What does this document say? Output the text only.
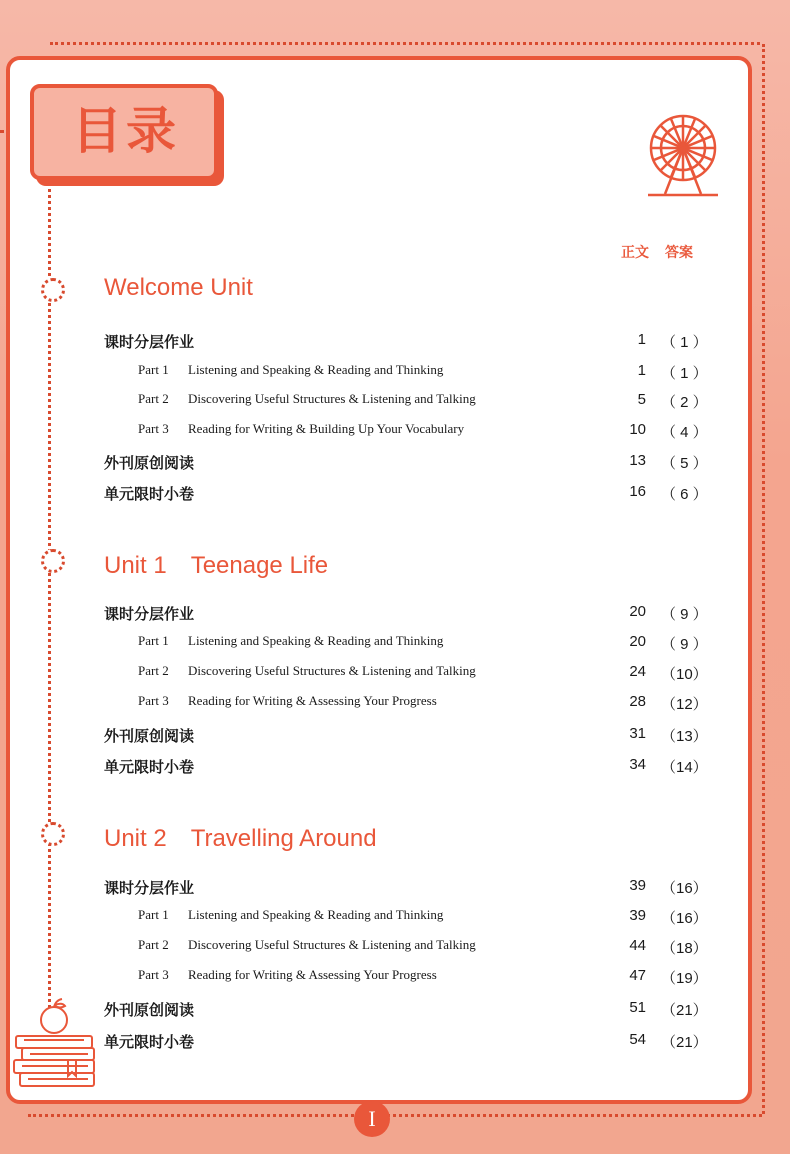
目录
正文 答案
Welcome Unit
课时分层作业	1 （ 1 ）
Part 1 Listening and Speaking & Reading and Thinking	1 （ 1 ）
Part 2 Discovering Useful Structures & Listening and Talking	5 （ 2 ）
Part 3 Reading for Writing & Building Up Your Vocabulary	10 （ 4 ）
外刊原创阅读	13 （ 5 ）
单元限时小卷	16 （ 6 ）
Unit 1　Teenage Life
课时分层作业	20 （ 9 ）
Part 1 Listening and Speaking & Reading and Thinking	20 （ 9 ）
Part 2 Discovering Useful Structures & Listening and Talking	24 （10）
Part 3 Reading for Writing & Assessing Your Progress	28 （12）
外刊原创阅读	31 （13）
单元限时小卷	34 （14）
Unit 2　Travelling Around
课时分层作业	39 （16）
Part 1 Listening and Speaking & Reading and Thinking	39 （16）
Part 2 Discovering Useful Structures & Listening and Talking	44 （18）
Part 3 Reading for Writing & Assessing Your Progress	47 （19）
外刊原创阅读	51 （21）
单元限时小卷	54 （21）
I
